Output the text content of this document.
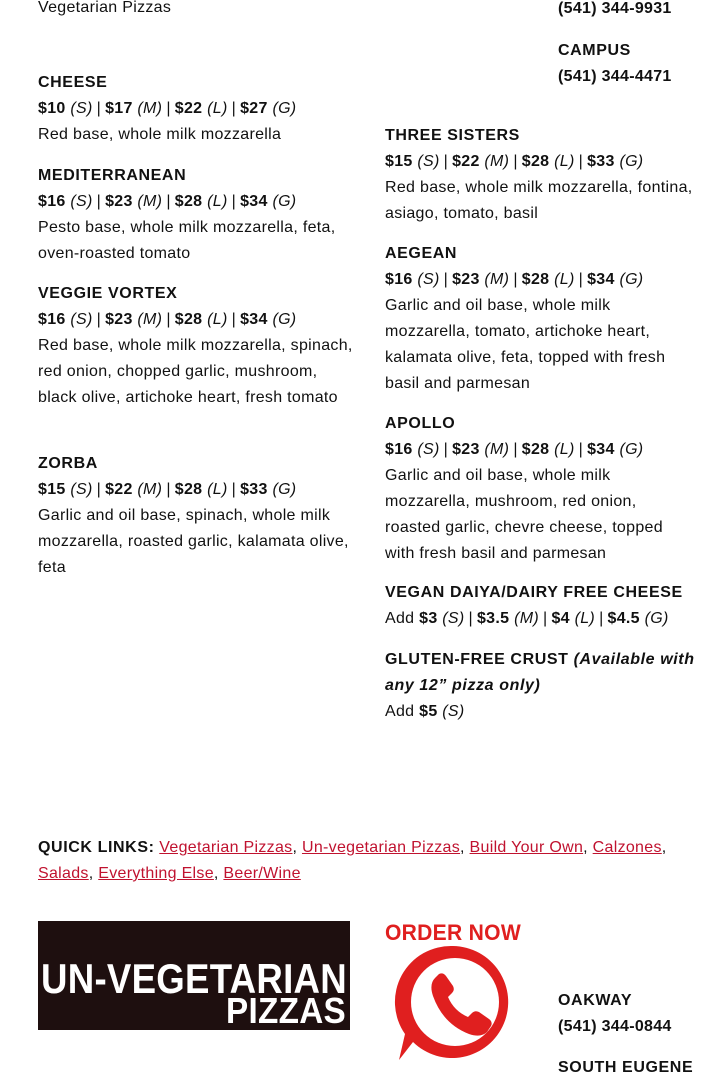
Vegetarian Pizzas	(541) 344-9931
CAMPUS
(541) 344-4471
CHEESE
$10 (S) | $17 (M) | $22 (L) | $27 (G)
Red base, whole milk mozzarella
MEDITERRANEAN
$16 (S) | $23 (M) | $28 (L) | $34 (G)
Pesto base, whole milk mozzarella, feta, oven-roasted tomato
VEGGIE VORTEX
$16 (S) | $23 (M) | $28 (L) | $34 (G)
Red base, whole milk mozzarella, spinach, red onion, chopped garlic, mushroom, black olive, artichoke heart, fresh tomato
ZORBA
$15 (S) | $22 (M) | $28 (L) | $33 (G)
Garlic and oil base, spinach, whole milk mozzarella, roasted garlic, kalamata olive, feta
THREE SISTERS
$15 (S) | $22 (M) | $28 (L) | $33 (G)
Red base, whole milk mozzarella, fontina, asiago, tomato, basil
AEGEAN
$16 (S) | $23 (M) | $28 (L) | $34 (G)
Garlic and oil base, whole milk mozzarella, tomato, artichoke heart, kalamata olive, feta, topped with fresh basil and parmesan
APOLLO
$16 (S) | $23 (M) | $28 (L) | $34 (G)
Garlic and oil base, whole milk mozzarella, mushroom, red onion, roasted garlic, chevre cheese, topped with fresh basil and parmesan
VEGAN DAIYA/DAIRY FREE CHEESE
Add $3 (S) | $3.5 (M) | $4 (L) | $4.5 (G)
GLUTEN-FREE CRUST (Available with any 12” pizza only)
Add $5 (S)
QUICK LINKS: Vegetarian Pizzas, Un-vegetarian Pizzas, Build Your Own, Calzones, Salads, Everything Else, Beer/Wine
UN-VEGETARIAN
PIZZAS
ORDER NOW
OAKWAY
(541) 344-0844
SOUTH EUGENE
